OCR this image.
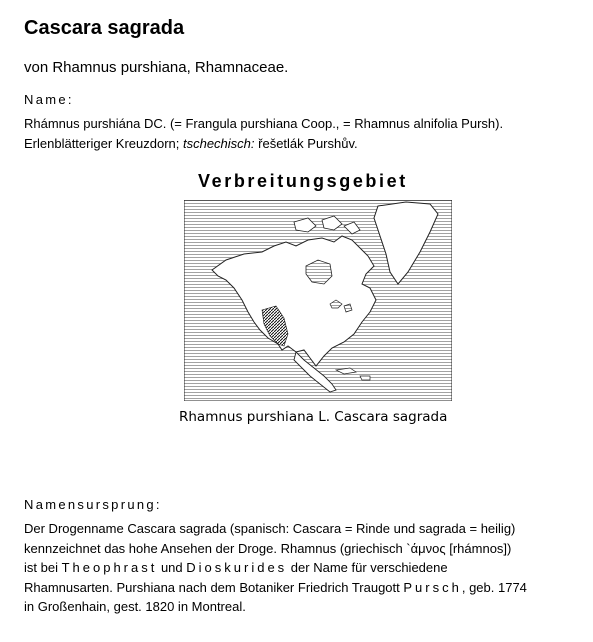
Cascara sagrada
von Rhamnus purshiana, Rhamnaceae.
Name:
Rhámnus purshiána DC. (= Frangula purshiana Coop., = Rhamnus alnifolia Pursh).
Erlenblätteriger Kreuzdorn; tschechisch: řešetlák Purshův.
Verbreitungsgebiet
Rhamnus purshiana L. Cascara sagrada
Namensursprung:
Der Drogenname Cascara sagrada (spanisch: Cascara = Rinde und sagrada = heilig)
kennzeichnet das hohe Ansehen der Droge. Rhamnus (griechisch `άμνος [rhámnos])
ist bei Theophrast und Dioskurides der Name für verschiedene
Rhamnusarten. Purshiana nach dem Botaniker Friedrich Traugott Pursch, geb. 1774
in Großenhain, gest. 1820 in Montreal.
